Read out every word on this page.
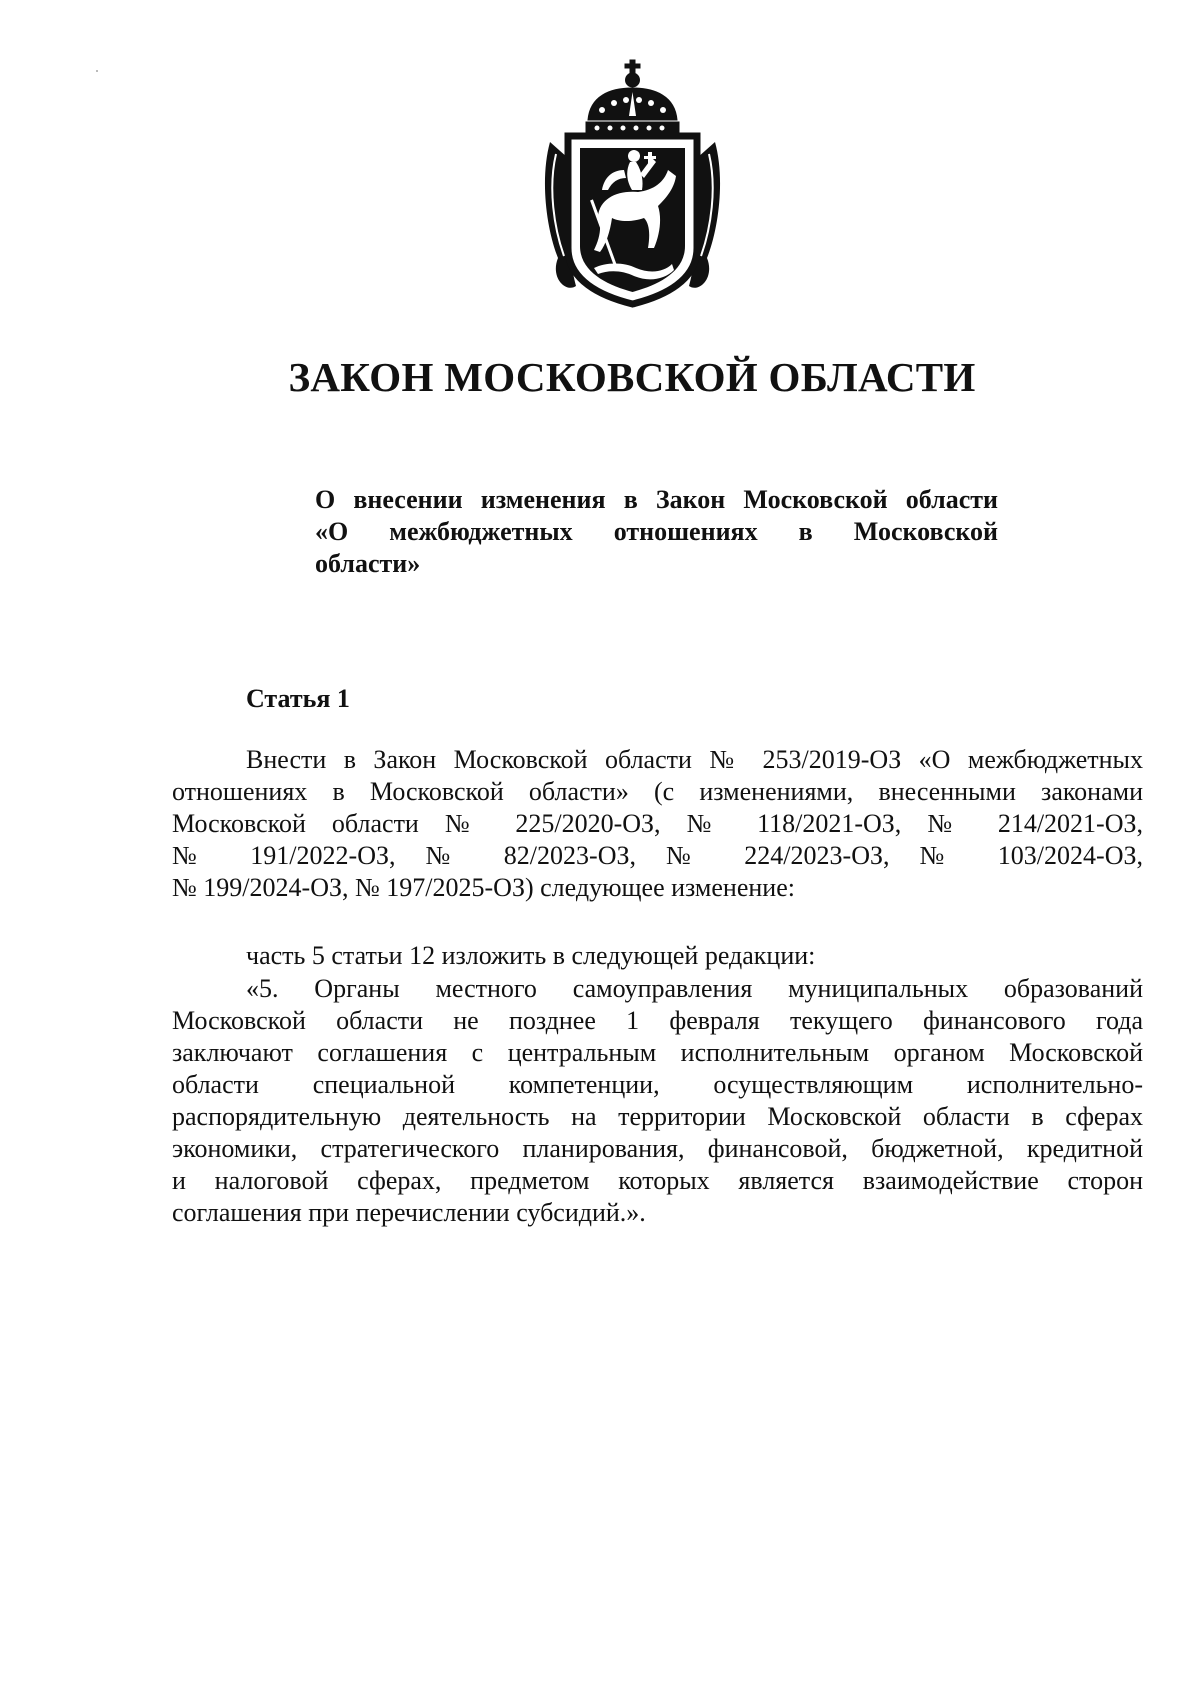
ЗАКОН МОСКОВСКОЙ ОБЛАСТИ
О внесении изменения в Закон Московской области
«О межбюджетных отношениях в Московской
области»
Статья 1
Внести в Закон Московской области № 253/2019-ОЗ «О межбюджетных
отношениях в Московской области» (с изменениями, внесенными законами
Московской области № 225/2020-ОЗ, № 118/2021-ОЗ, № 214/2021-ОЗ,
№ 191/2022-ОЗ, № 82/2023-ОЗ, № 224/2023-ОЗ, № 103/2024-ОЗ,
№ 199/2024-ОЗ, № 197/2025-ОЗ) следующее изменение:
часть 5 статьи 12 изложить в следующей редакции:
«5. Органы местного самоуправления муниципальных образований
Московской области не позднее 1 февраля текущего финансового года
заключают соглашения с центральным исполнительным органом Московской
области специальной компетенции, осуществляющим исполнительно-
распорядительную деятельность на территории Московской области в сферах
экономики, стратегического планирования, финансовой, бюджетной, кредитной
и налоговой сферах, предметом которых является взаимодействие сторон
соглашения при перечислении субсидий.».
